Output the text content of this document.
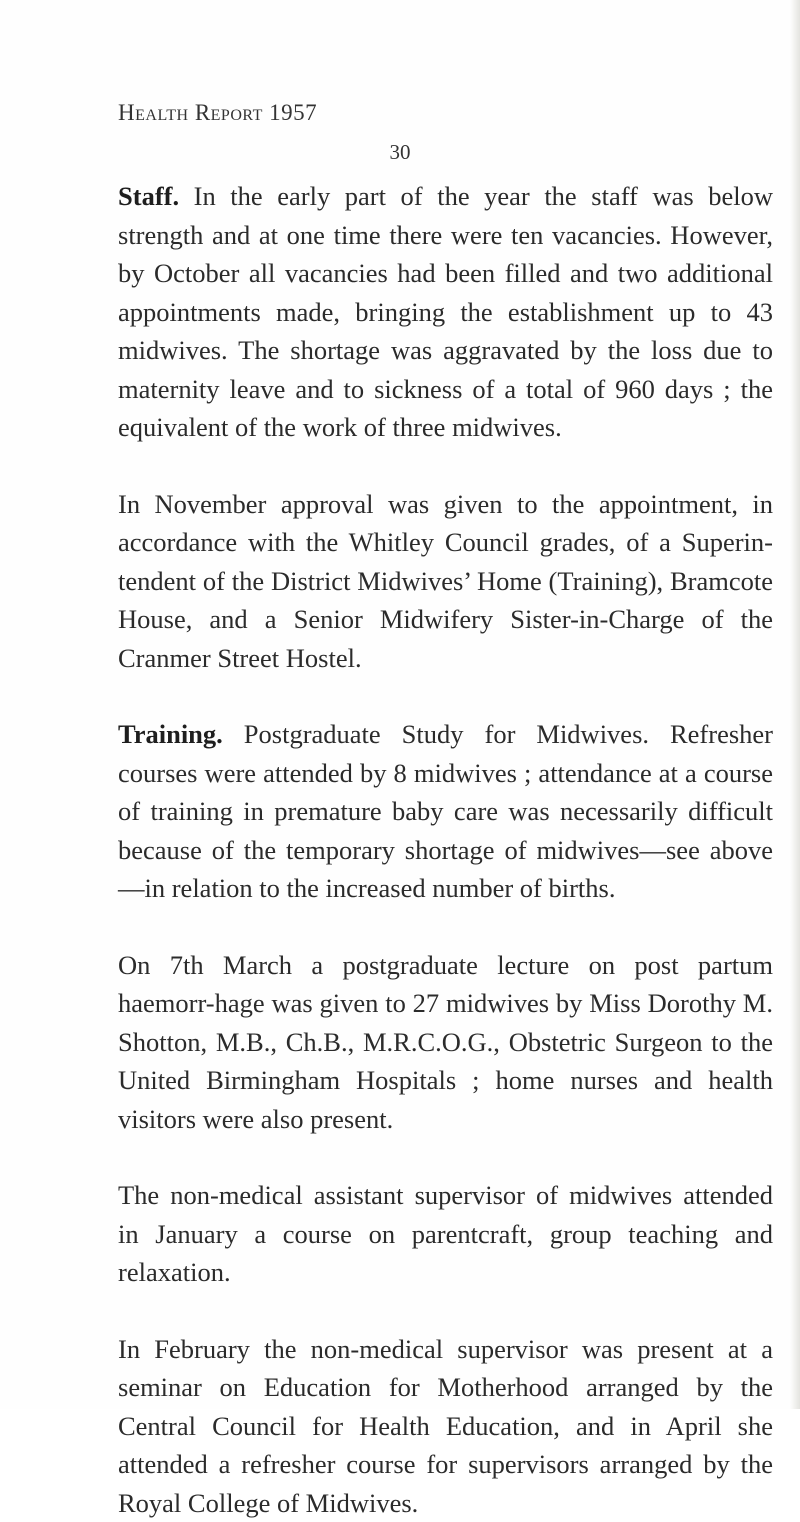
Health Report 1957
30

Staff. In the early part of the year the staff was below strength and at one time there were ten vacancies. However, by October all vacancies had been filled and two additional appointments made, bringing the establishment up to 43 midwives. The shortage was aggravated by the loss due to maternity leave and to sickness of a total of 960 days ; the equivalent of the work of three midwives.

In November approval was given to the appointment, in accordance with the Whitley Council grades, of a Superin-tendent of the District Midwives’ Home (Training), Bramcote House, and a Senior Midwifery Sister-in-Charge of the Cranmer Street Hostel.

Training. Postgraduate Study for Midwives. Refresher courses were attended by 8 midwives ; attendance at a course of training in premature baby care was necessarily difficult because of the temporary shortage of midwives—see above—in relation to the increased number of births.

On 7th March a postgraduate lecture on post partum haemorr-hage was given to 27 midwives by Miss Dorothy M. Shotton, M.B., Ch.B., M.R.C.O.G., Obstetric Surgeon to the United Birmingham Hospitals ; home nurses and health visitors were also present.

The non-medical assistant supervisor of midwives attended in January a course on parentcraft, group teaching and relaxation.

In February the non-medical supervisor was present at a seminar on Education for Motherhood arranged by the Central Council for Health Education, and in April she attended a refresher course for supervisors arranged by the Royal College of Midwives.
